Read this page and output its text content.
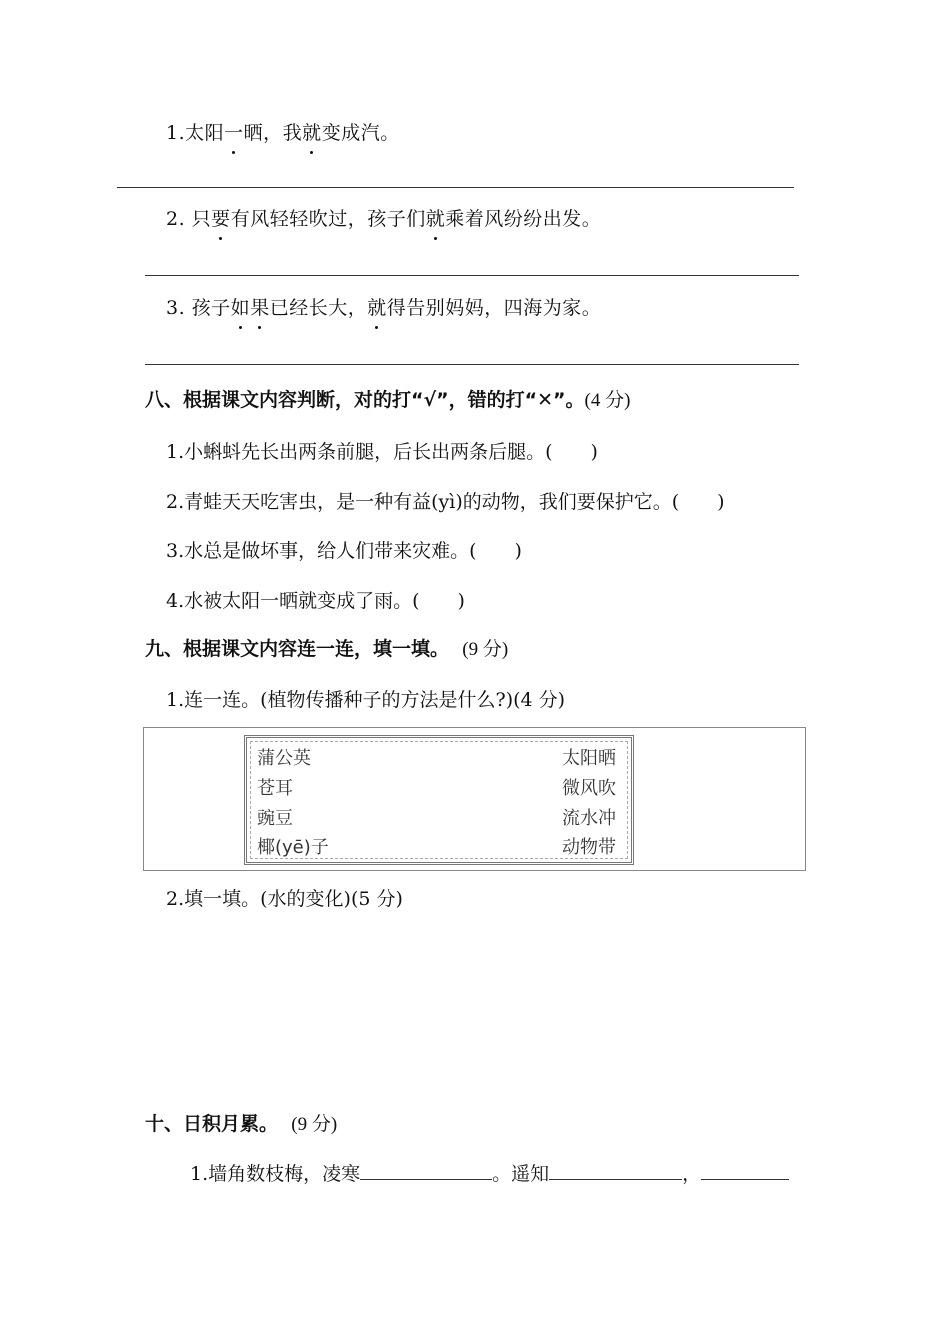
1.太阳一晒，我就变成汽。
2. 只要有风轻轻吹过，孩子们就乘着风纷纷出发。
3. 孩子如果已经长大，就得告别妈妈，四海为家。
八、根据课文内容判断，对的打“√”，错的打“✕”。(4 分)
1.小蝌蚪先长出两条前腿，后长出两条后腿。(　　)
2.青蛙天天吃害虫，是一种有益(yì)的动物，我们要保护它。(　　)
3.水总是做坏事，给人们带来灾难。(　　)
4.水被太阳一晒就变成了雨。(　　)
九、根据课文内容连一连，填一填。 (9 分)
1.连一连。(植物传播种子的方法是什么?)(4 分)
蒲公英
苍耳
豌豆
椰(yē)子
太阳晒
微风吹
流水冲
动物带
2.填一填。(水的变化)(5 分)
十、日积月累。 (9 分)
1.墙角数枝梅，凌寒	。遥知	，
